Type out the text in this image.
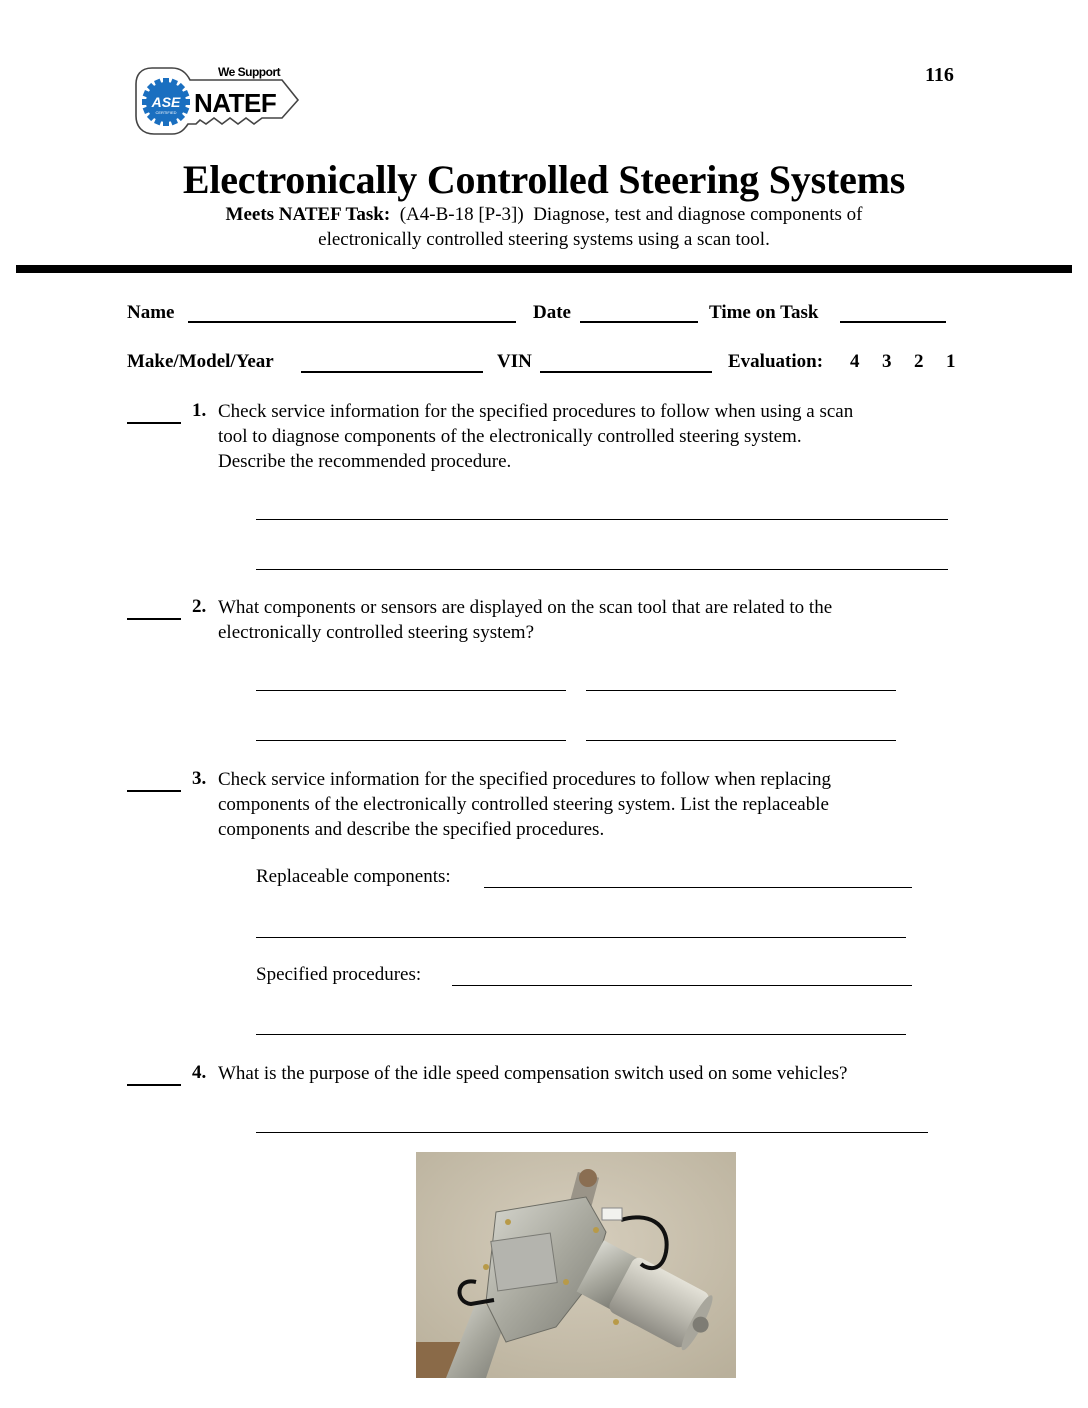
ASE
CERTIFIED
We Support
NATEF
116
Electronically Controlled Steering Systems
Meets NATEF Task:  (A4-B-18 [P-3])  Diagnose, test and diagnose components of
electronically controlled steering systems using a scan tool.
Name	Date	Time on Task
Make/Model/Year	VIN	Evaluation: 4 3 2 1
1. Check service information for the specified procedures to follow when using a scan
tool to diagnose components of the electronically controlled steering system.
Describe the recommended procedure.
2. What components or sensors are displayed on the scan tool that are related to the
electronically controlled steering system?
3. Check service information for the specified procedures to follow when replacing
components of the electronically controlled steering system. List the replaceable
components and describe the specified procedures.
Replaceable components:
Specified procedures:
4. What is the purpose of the idle speed compensation switch used on some vehicles?
